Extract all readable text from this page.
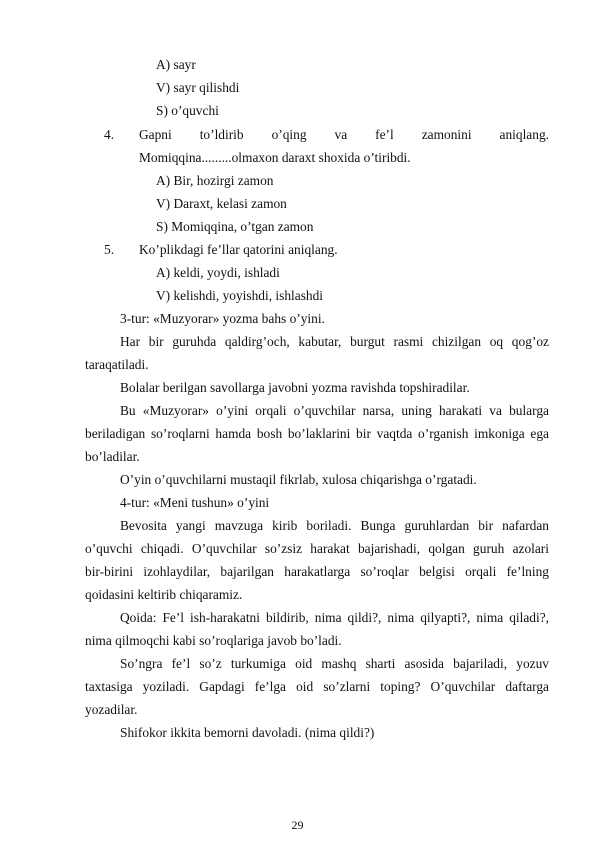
A) sayr
V) sayr qilishdi
S) o’quvchi
4. Gapni to’ldirib o’qing va fe’l zamonini aniqlang.
Momiqqina.........olmaxon daraxt shoxida o’tiribdi.
A) Bir, hozirgi zamon
V) Daraxt, kelasi zamon
S) Momiqqina, o’tgan zamon
5. Ko’plikdagi fe’llar qatorini aniqlang.
A) keldi, yoydi, ishladi
V) kelishdi, yoyishdi, ishlashdi
3-tur: «Muzyorar» yozma bahs o’yini.
Har bir guruhda qaldirg’och, kabutar, burgut rasmi chizilgan oq qog’oz
taraqatiladi.
Bolalar berilgan savollarga javobni yozma ravishda topshiradilar.
Bu «Muzyorar» o’yini orqali o’quvchilar narsa, uning harakati va bularga
beriladigan so’roqlarni hamda bosh bo’laklarini bir vaqtda o’rganish imkoniga ega
bo’ladilar.
O’yin o’quvchilarni mustaqil fikrlab, xulosa chiqarishga o’rgatadi.
4-tur: «Meni tushun» o’yini
Bevosita yangi mavzuga kirib boriladi. Bunga guruhlardan bir nafardan
o’quvchi chiqadi. O’quvchilar so’zsiz harakat bajarishadi, qolgan guruh azolari
bir-birini izohlaydilar, bajarilgan harakatlarga so’roqlar belgisi orqali fe’lning
qoidasini keltirib chiqaramiz.
Qoida: Fe’l ish-harakatni bildirib, nima qildi?, nima qilyapti?, nima qiladi?,
nima qilmoqchi kabi so’roqlariga javob bo’ladi.
So’ngra fe’l so’z turkumiga oid mashq sharti asosida bajariladi, yozuv
taxtasiga yoziladi. Gapdagi fe’lga oid so’zlarni toping? O’quvchilar daftarga
yozadilar.
Shifokor ikkita bemorni davoladi. (nima qildi?)
29
